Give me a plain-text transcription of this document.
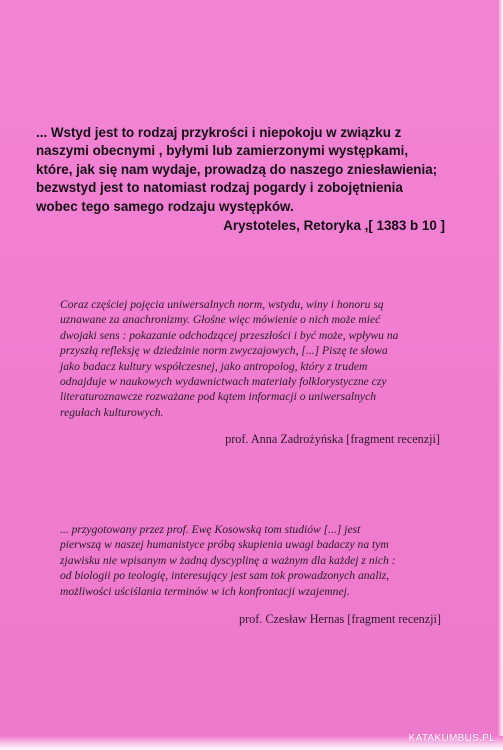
... Wstyd jest to rodzaj przykrości i niepokoju w związku z
naszymi obecnymi , byłymi lub zamierzonymi występkami,
które, jak się nam wydaje, prowadzą do naszego zniesławienia;
bezwstyd jest to natomiast rodzaj pogardy i zobojętnienia
wobec tego samego rodzaju występków.
Arystoteles, Retoryka ,[ 1383 b 10 ]
Coraz częściej pojęcia uniwersalnych norm, wstydu, winy i honoru są
uznawane za anachronizmy. Głośne więc mówienie o nich może mieć
dwojaki sens : pokazanie odchodzącej przeszłości i być może, wpływu na
przyszłą refleksję w dziedzinie norm zwyczajowych, [...] Piszę te słowa
jako badacz kultury współczesnej, jako antropolog, który z trudem
odnajduje w naukowych wydawnictwach materiały folklorystyczne czy
literaturoznawcze rozważane pod kątem informacji o uniwersalnych
regułach kulturowych.
prof. Anna Zadrożyńska [fragment recenzji]
... przygotowany przez prof. Ewę Kosowską tom studiów [...] jest
pierwszą w naszej humanistyce próbą skupienia uwagi badaczy na tym
zjawisku nie wpisanym w żadną dyscyplinę a ważnym dla każdej z nich :
od biologii po teologię, interesujący jest sam tok prowadzonych analiz,
możliwości uściślania terminów w ich konfrontacji wzajemnej.
prof. Czesław Hernas [fragment recenzji]
KATAKUMBUS.PL
